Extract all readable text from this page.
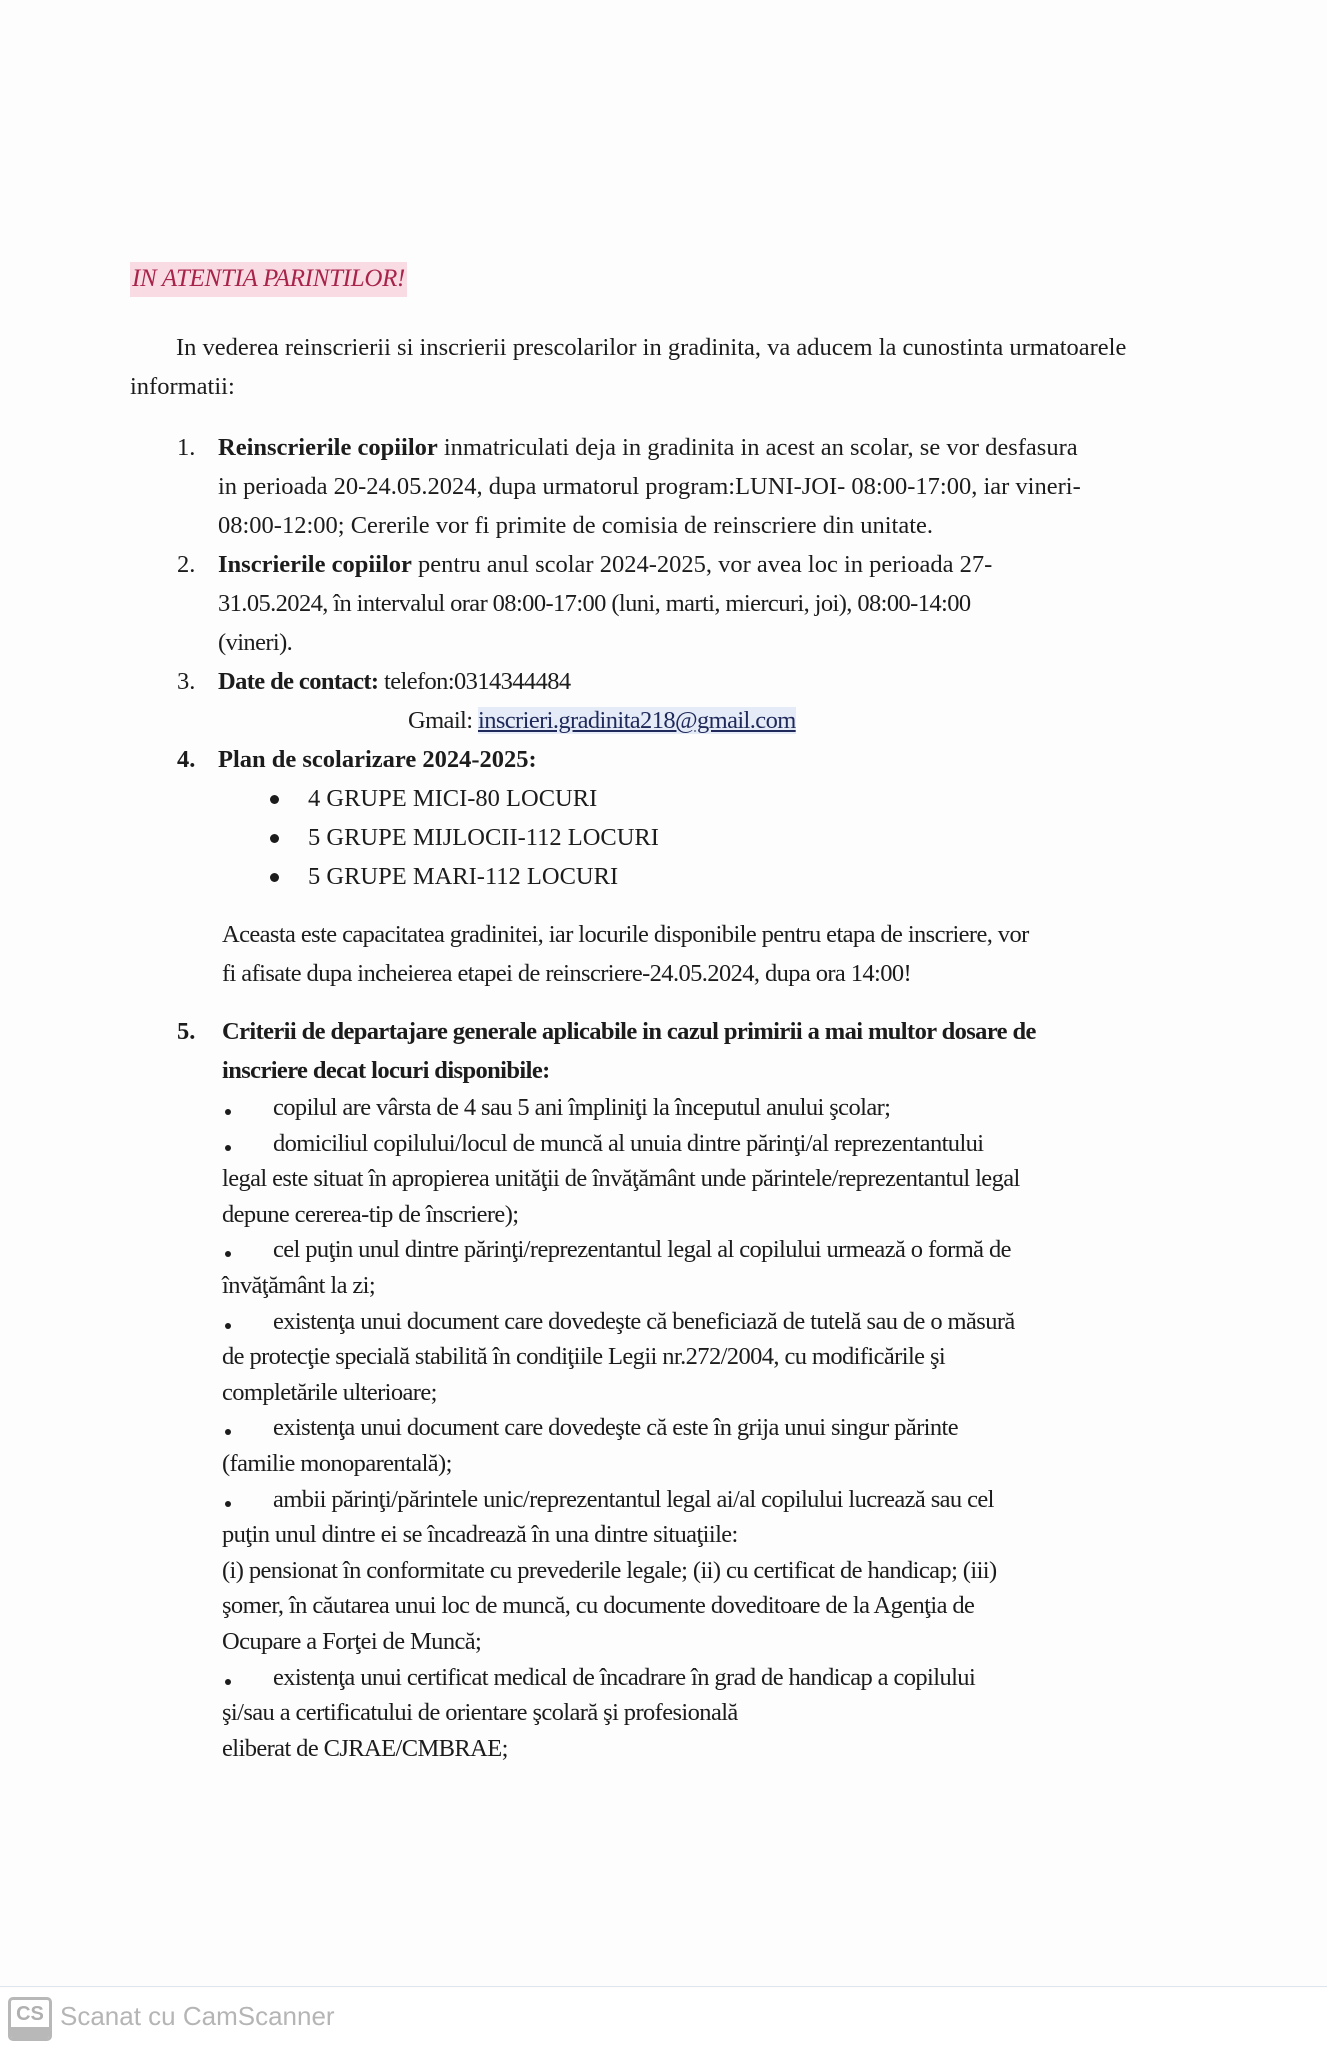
IN ATENTIA PARINTILOR!
In vederea reinscrierii si inscrierii prescolarilor in gradinita, va aducem la cunostinta urmatoarele informatii:
1. Reinscrierile copiilor inmatriculati deja in gradinita in acest an scolar, se vor desfasura
in perioada 20-24.05.2024, dupa urmatorul program:LUNI-JOI- 08:00-17:00, iar vineri-
08:00-12:00; Cererile vor fi primite de comisia de reinscriere din unitate.
2. Inscrierile copiilor pentru anul scolar 2024-2025, vor avea loc in perioada 27-
31.05.2024, în intervalul orar 08:00-17:00 (luni, marti, miercuri, joi), 08:00-14:00
(vineri).
3. Date de contact: telefon:0314344484
Gmail: inscrieri.gradinita218@gmail.com
4. Plan de scolarizare 2024-2025:
4 GRUPE MICI-80 LOCURI
5 GRUPE MIJLOCII-112 LOCURI
5 GRUPE MARI-112 LOCURI
Aceasta este capacitatea gradinitei, iar locurile disponibile pentru etapa de inscriere, vor
fi afisate dupa incheierea etapei de reinscriere-24.05.2024, dupa ora 14:00!
5. Criterii de departajare generale aplicabile in cazul primirii a mai multor dosare de
inscriere decat locuri disponibile:
copilul are vârsta de 4 sau 5 ani împliniţi la începutul anului şcolar;
domiciliul copilului/locul de muncă al unuia dintre părinţi/al reprezentantului
legal este situat în apropierea unităţii de învăţământ unde părintele/reprezentantul legal
depune cererea-tip de înscriere);
cel puţin unul dintre părinţi/reprezentantul legal al copilului urmează o formă de
învăţământ la zi;
existenţa unui document care dovedeşte că beneficiază de tutelă sau de o măsură
de protecţie specială stabilită în condiţiile Legii nr.272/2004, cu modificările şi
completările ulterioare;
existenţa unui document care dovedeşte că este în grija unui singur părinte
(familie monoparentală);
ambii părinţi/părintele unic/reprezentantul legal ai/al copilului lucrează sau cel
puţin unul dintre ei se încadrează în una dintre situaţiile:
(i) pensionat în conformitate cu prevederile legale; (ii) cu certificat de handicap; (iii)
şomer, în căutarea unui loc de muncă, cu documente doveditoare de la Agenţia de
Ocupare a Forţei de Muncă;
existenţa unui certificat medical de încadrare în grad de handicap a copilului
şi/sau a certificatului de orientare şcolară şi profesională
eliberat de CJRAE/CMBRAE;
CS Scanat cu CamScanner
